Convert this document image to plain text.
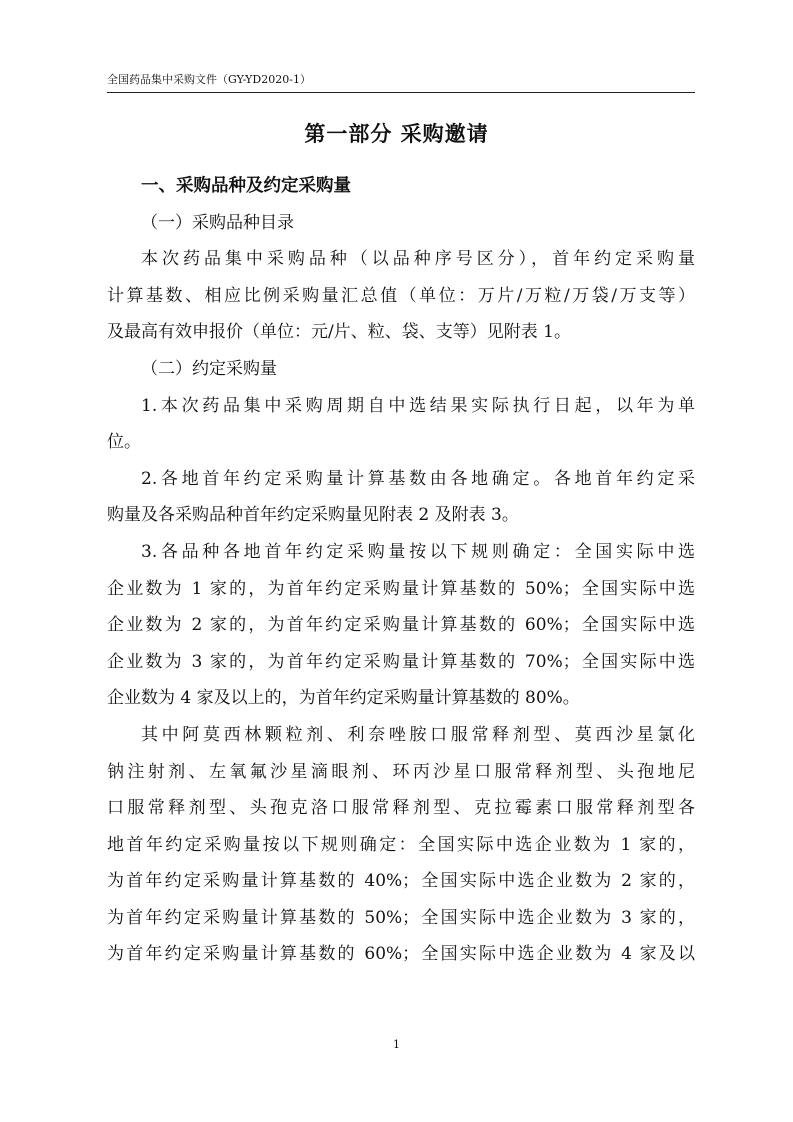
全国药品集中采购文件（GY-YD2020-1）
第一部分 采购邀请
一、采购品种及约定采购量
（一）采购品种目录
本次药品集中采购品种（以品种序号区分），首年约定采购量
计算基数、相应比例采购量汇总值（单位：万片/万粒/万袋/万支等）
及最高有效申报价（单位：元/片、粒、袋、支等）见附表 1。
（二）约定采购量
1.本次药品集中采购周期自中选结果实际执行日起，以年为单
位。
2.各地首年约定采购量计算基数由各地确定。各地首年约定采
购量及各采购品种首年约定采购量见附表 2 及附表 3。
3.各品种各地首年约定采购量按以下规则确定：全国实际中选
企业数为 1 家的，为首年约定采购量计算基数的 50%；全国实际中选
企业数为 2 家的，为首年约定采购量计算基数的 60%；全国实际中选
企业数为 3 家的，为首年约定采购量计算基数的 70%；全国实际中选
企业数为 4 家及以上的，为首年约定采购量计算基数的 80%。
其中阿莫西林颗粒剂、利奈唑胺口服常释剂型、莫西沙星氯化
钠注射剂、左氧氟沙星滴眼剂、环丙沙星口服常释剂型、头孢地尼
口服常释剂型、头孢克洛口服常释剂型、克拉霉素口服常释剂型各
地首年约定采购量按以下规则确定：全国实际中选企业数为 1 家的，
为首年约定采购量计算基数的 40%；全国实际中选企业数为 2 家的，
为首年约定采购量计算基数的 50%；全国实际中选企业数为 3 家的，
为首年约定采购量计算基数的 60%；全国实际中选企业数为 4 家及以
1
